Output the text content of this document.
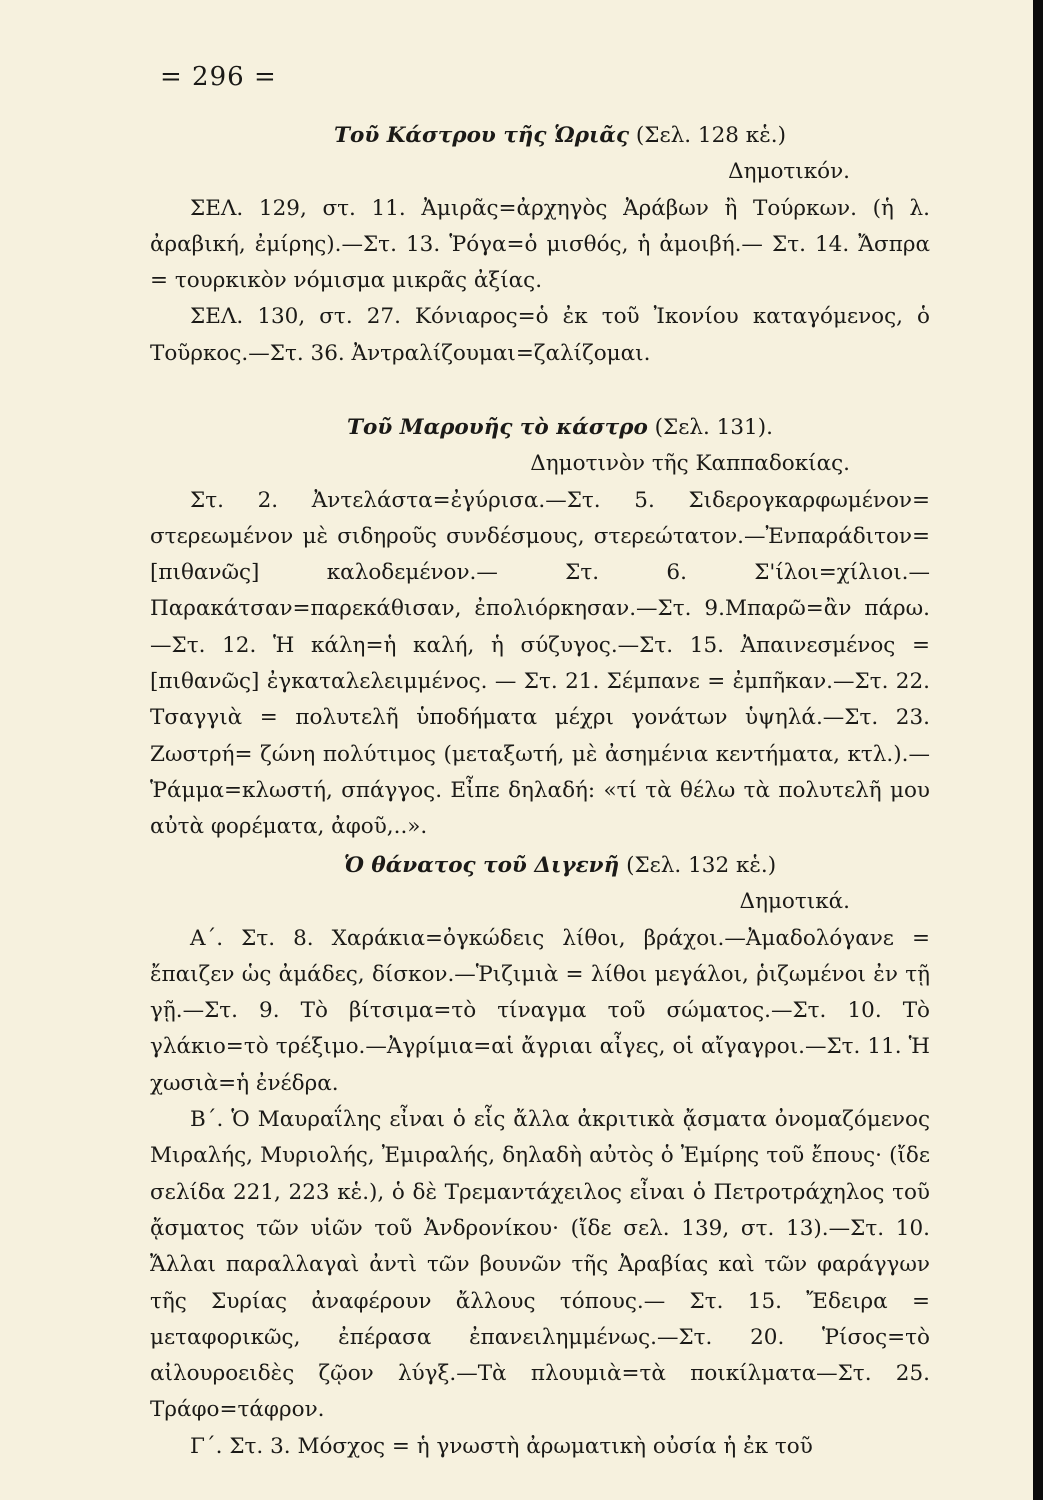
= 296 =

Τοῦ Κάστρου τῆς Ὡριᾶς (Σελ. 128 κἑ.)

Δημοτικόν.

ΣΕΛ. 129, στ. 11. Ἀμιρᾶς=ἀρχηγὸς Ἀράβων ἢ Τούρκων. (ἡ λ. ἀραβική, ἐμίρης).—Στ. 13. Ῥόγα=ὁ μισθός, ἡ ἀμοιβή.— Στ. 14. Ἄσπρα = τουρκικὸν νόμισμα μικρᾶς ἀξίας.

ΣΕΛ. 130, στ. 27. Κόνιαρος=ὁ ἐκ τοῦ Ἰκονίου καταγόμενος, ὁ Τοῦρκος.—Στ. 36. Ἀντραλίζουμαι=ζαλίζομαι.

Τοῦ Μαρουῆς τὸ κάστρο (Σελ. 131).

Δημοτινὸν τῆς Καππαδοκίας.

Στ. 2. Ἀντελάστα=ἐγύρισα.—Στ. 5. Σιδερογκαρφωμένον= στερεωμένον μὲ σιδηροῦς συνδέσμους, στερεώτατον.—Ἐνπαράδιτον= [πιθανῶς] καλοδεμένον.— Στ. 6. Σ'ίλοι=χίλιοι.— Παρακάτσαν=παρεκάθισαν, ἐπολιόρκησαν.—Στ. 9.Μπαρῶ=ἂν πάρω. —Στ. 12. Ἡ κάλη=ἡ καλή, ἡ σύζυγος.—Στ. 15. Ἀπαινεσμένος = [πιθανῶς] ἐγκαταλελειμμένος. — Στ. 21. Σέμπανε = ἐμπῆκαν.—Στ. 22. Τσαγγιὰ = πολυτελῆ ὑποδήματα μέχρι γονάτων ὑψηλά.—Στ. 23. Ζωστρή= ζώνη πολύτιμος (μεταξωτή, μὲ ἀσημένια κεντήματα, κτλ.).— Ῥάμμα=κλωστή, σπάγγος. Εἶπε δηλαδή: «τί τὰ θέλω τὰ πολυτελῆ μου αὐτὰ φορέματα, ἀφοῦ,..».

Ὁ θάνατος τοῦ Διγενῆ (Σελ. 132 κἑ.)

Δημοτικά.

Α΄. Στ. 8. Χαράκια=ὀγκώδεις λίθοι, βράχοι.—Ἀμαδολόγανε = ἔπαιζεν ὡς ἀμάδες, δίσκον.—Ῥιζιμιὰ = λίθοι μεγάλοι, ῥιζωμένοι ἐν τῇ γῇ.—Στ. 9. Τὸ βίτσιμα=τὸ τίναγμα τοῦ σώματος.—Στ. 10. Τὸ γλάκιο=τὸ τρέξιμο.—Ἀγρίμια=αἱ ἄγριαι αἶγες, οἱ αἴγαγροι.—Στ. 11. Ἡ χωσιὰ=ἡ ἐνέδρα.

Β΄. Ὁ Μαυραΐλης εἶναι ὁ εἷς ἄλλα ἀκριτικὰ ᾄσματα ὀνομαζόμενος Μιραλής, Μυριολής, Ἐμιραλής, δηλαδὴ αὐτὸς ὁ Ἐμίρης τοῦ ἔπους· (ἴδε σελίδα 221, 223 κἑ.), ὁ δὲ Τρεμαντάχειλος εἶναι ὁ Πετροτράχηλος τοῦ ᾄσματος τῶν υἱῶν τοῦ Ἀνδρονίκου· (ἴδε σελ. 139, στ. 13).—Στ. 10. Ἄλλαι παραλλαγαὶ ἀντὶ τῶν βουνῶν τῆς Ἀραβίας καὶ τῶν φαράγγων τῆς Συρίας ἀναφέρουν ἄλλους τόπους.— Στ. 15. Ἔδειρα = μεταφορικῶς, ἐπέρασα ἐπανειλημμένως.—Στ. 20. Ῥίσος=τὸ αἰλουροειδὲς ζῷον λύγξ.—Τὰ πλουμιὰ=τὰ ποικίλματα—Στ. 25. Τράφο=τάφρον.

Γ΄. Στ. 3. Μόσχος = ἡ γνωστὴ ἀρωματικὴ οὐσία ἡ ἐκ τοῦ
